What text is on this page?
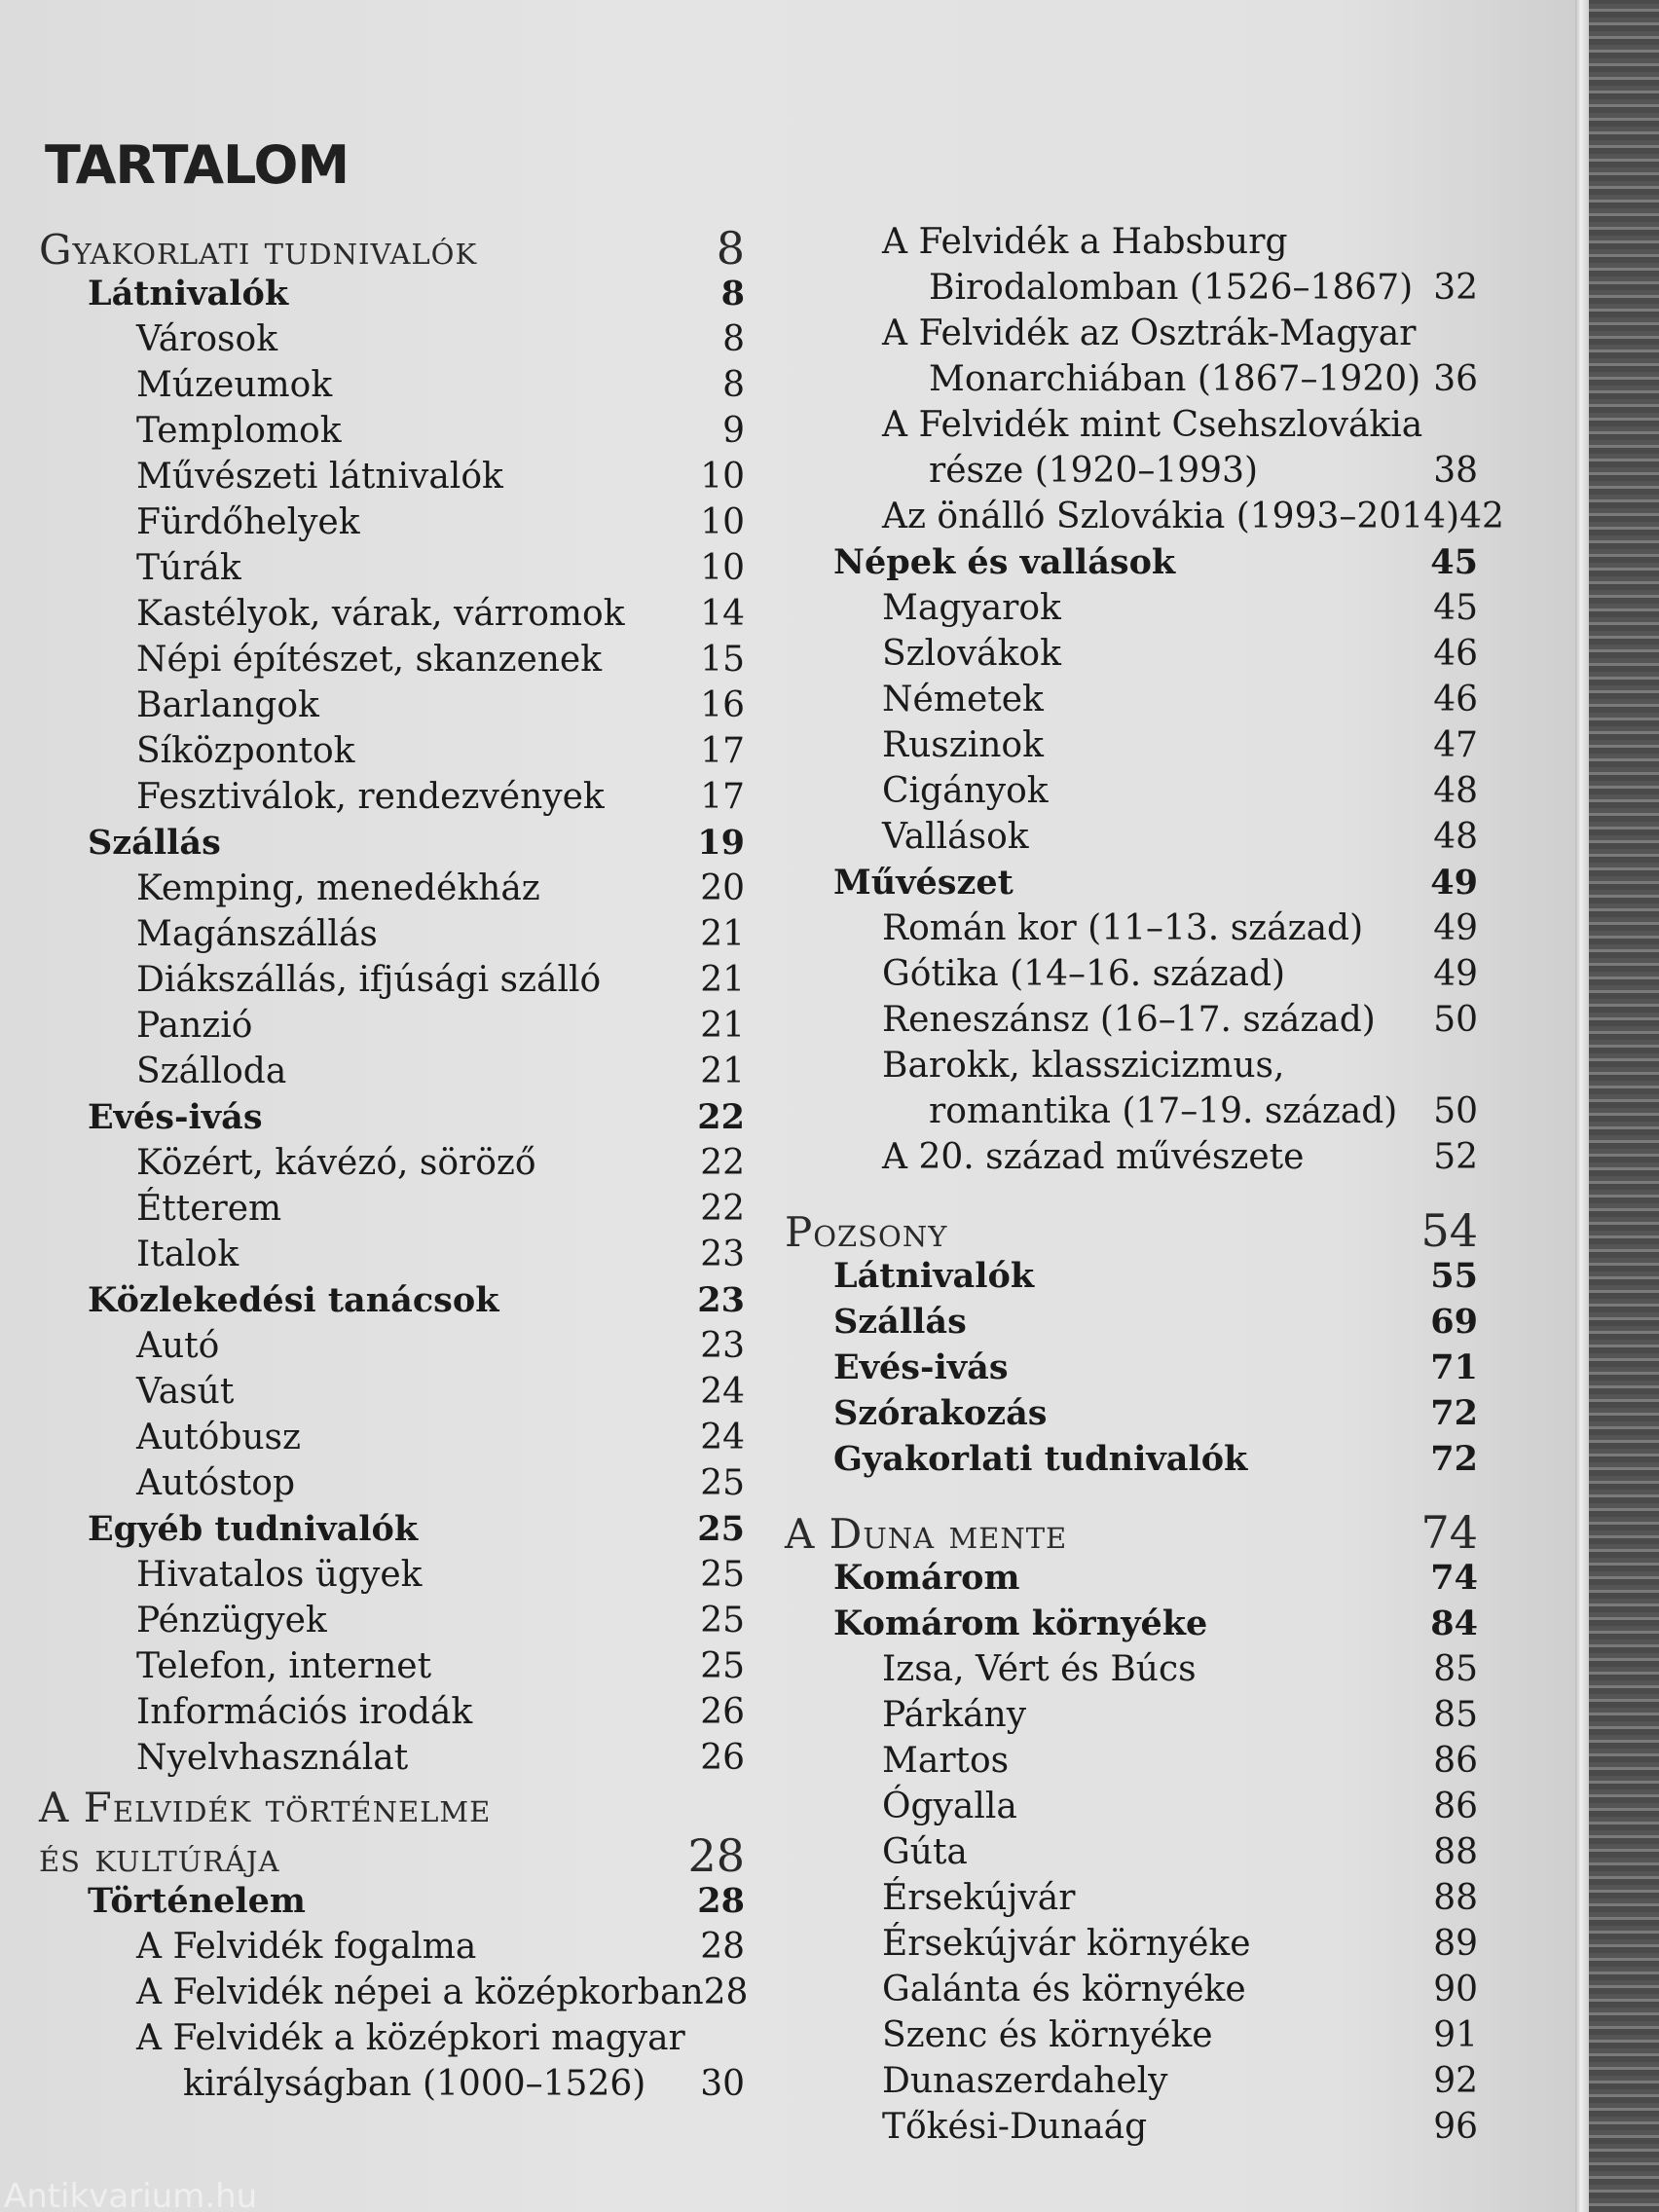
TARTALOM
Gyakorlati tudnivalók	8
Látnivalók	8
Városok	8
Múzeumok	8
Templomok	9
Művészeti látnivalók	10
Fürdőhelyek	10
Túrák	10
Kastélyok, várak, várromok 14
Népi építészet, skanzenek	15
Barlangok	16
Síközpontok	17
Fesztiválok, rendezvények	17
Szállás	19
Kemping, menedékház	20
Magánszállás	21
Diákszállás, ifjúsági szálló	21
Panzió	21
Szálloda	21
Evés-ivás	22
Közért, kávézó, söröző	22
Étterem	22
Italok	23
Közlekedési tanácsok	23
Autó	23
Vasút	24
Autóbusz	24
Autóstop	25
Egyéb tudnivalók	25
Hivatalos ügyek	25
Pénzügyek	25
Telefon, internet	25
Információs irodák	26
Nyelvhasználat	26
A Felvidék történelme
és kultúrája	28
Történelem	28
A Felvidék fogalma	28
A Felvidék népei a középkorban 28
A Felvidék a középkori magyar
királyságban (1000–1526) 30
A Felvidék a Habsburg
Birodalomban (1526–1867) 32
A Felvidék az Osztrák-Magyar
Monarchiában (1867–1920) 36
A Felvidék mint Csehszlovákia
része (1920–1993)	38
Az önálló Szlovákia (1993–2014) 42
Népek és vallások	45
Magyarok	45
Szlovákok	46
Németek	46
Ruszinok	47
Cigányok	48
Vallások	48
Művészet	49
Román kor (11–13. század) 49
Gótika (14–16. század)	49
Reneszánsz (16–17. század) 50
Barokk, klasszicizmus,
romantika (17–19. század) 50
A 20. század művészete	52
Pozsony	54
Látnivalók	55
Szállás	69
Evés-ivás	71
Szórakozás	72
Gyakorlati tudnivalók	72
A Duna mente	74
Komárom	74
Komárom környéke	84
Izsa, Vért és Búcs	85
Párkány	85
Martos	86
Ógyalla	86
Gúta	88
Érsekújvár	88
Érsekújvár környéke	89
Galánta és környéke	90
Szenc és környéke	91
Dunaszerdahely	92
Tőkési-Dunaág	96
Antikvarium.hu
